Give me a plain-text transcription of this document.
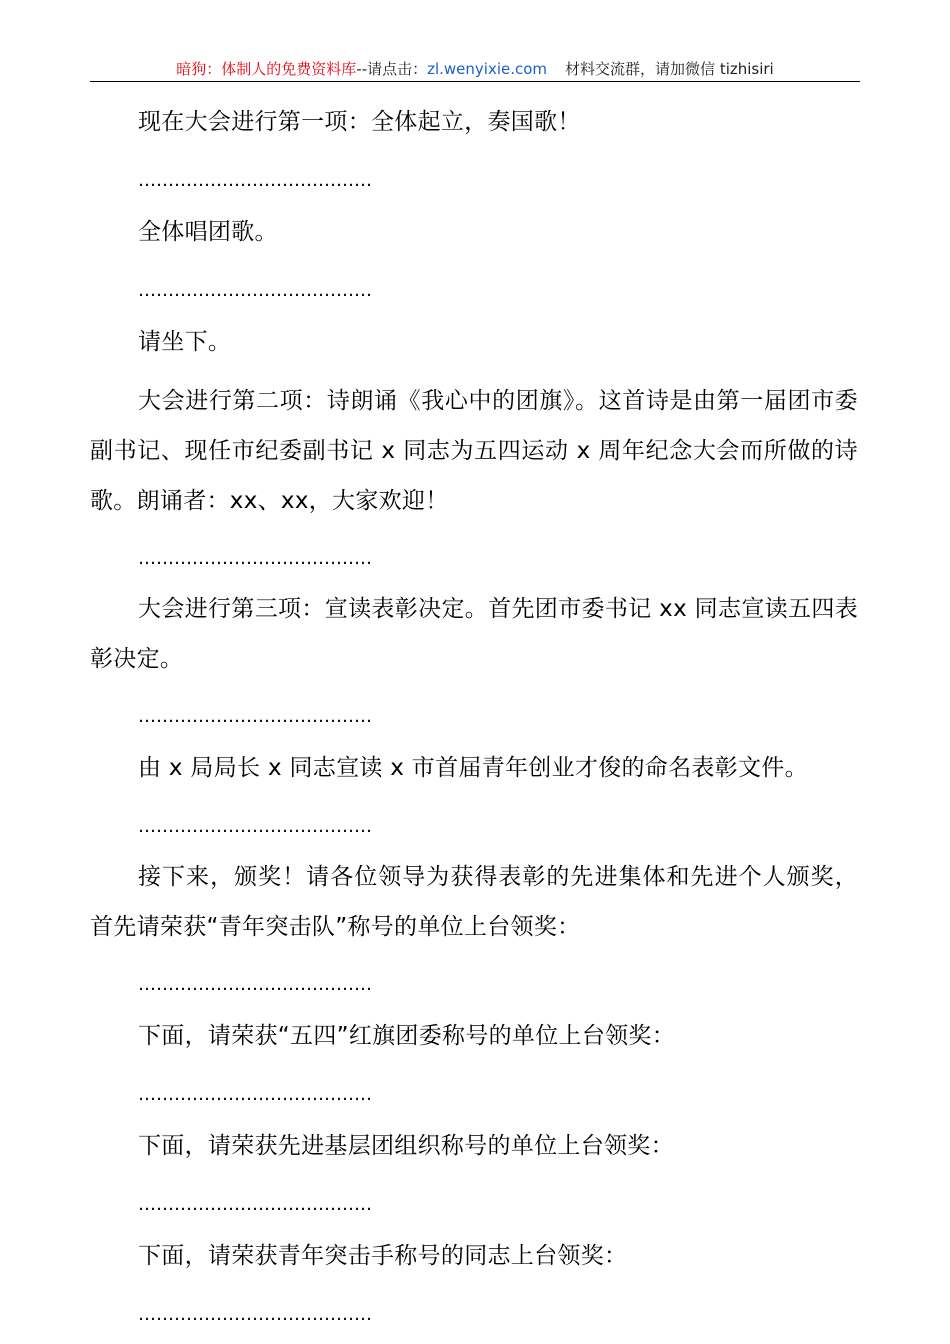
暗狗：体制人的免费资料库--请点击：zl.wenyixie.com 材料交流群，请加微信 tizhisiri

现在大会进行第一项：全体起立，奏国歌！

…………………………………

全体唱团歌。

…………………………………

请坐下。

大会进行第二项：诗朗诵《我心中的团旗》。这首诗是由第一届团市委副书记、现任市纪委副书记 x 同志为五四运动 x 周年纪念大会而所做的诗歌。朗诵者：xx、xx，大家欢迎！

…………………………………

大会进行第三项：宣读表彰决定。首先团市委书记 xx 同志宣读五四表彰决定。

…………………………………

由 x 局局长 x 同志宣读 x 市首届青年创业才俊的命名表彰文件。

…………………………………

接下来，颁奖！请各位领导为获得表彰的先进集体和先进个人颁奖，首先请荣获“青年突击队”称号的单位上台领奖：

…………………………………

下面，请荣获“五四”红旗团委称号的单位上台领奖：

…………………………………

下面，请荣获先进基层团组织称号的单位上台领奖：

…………………………………

下面，请荣获青年突击手称号的同志上台领奖：

…………………………………
